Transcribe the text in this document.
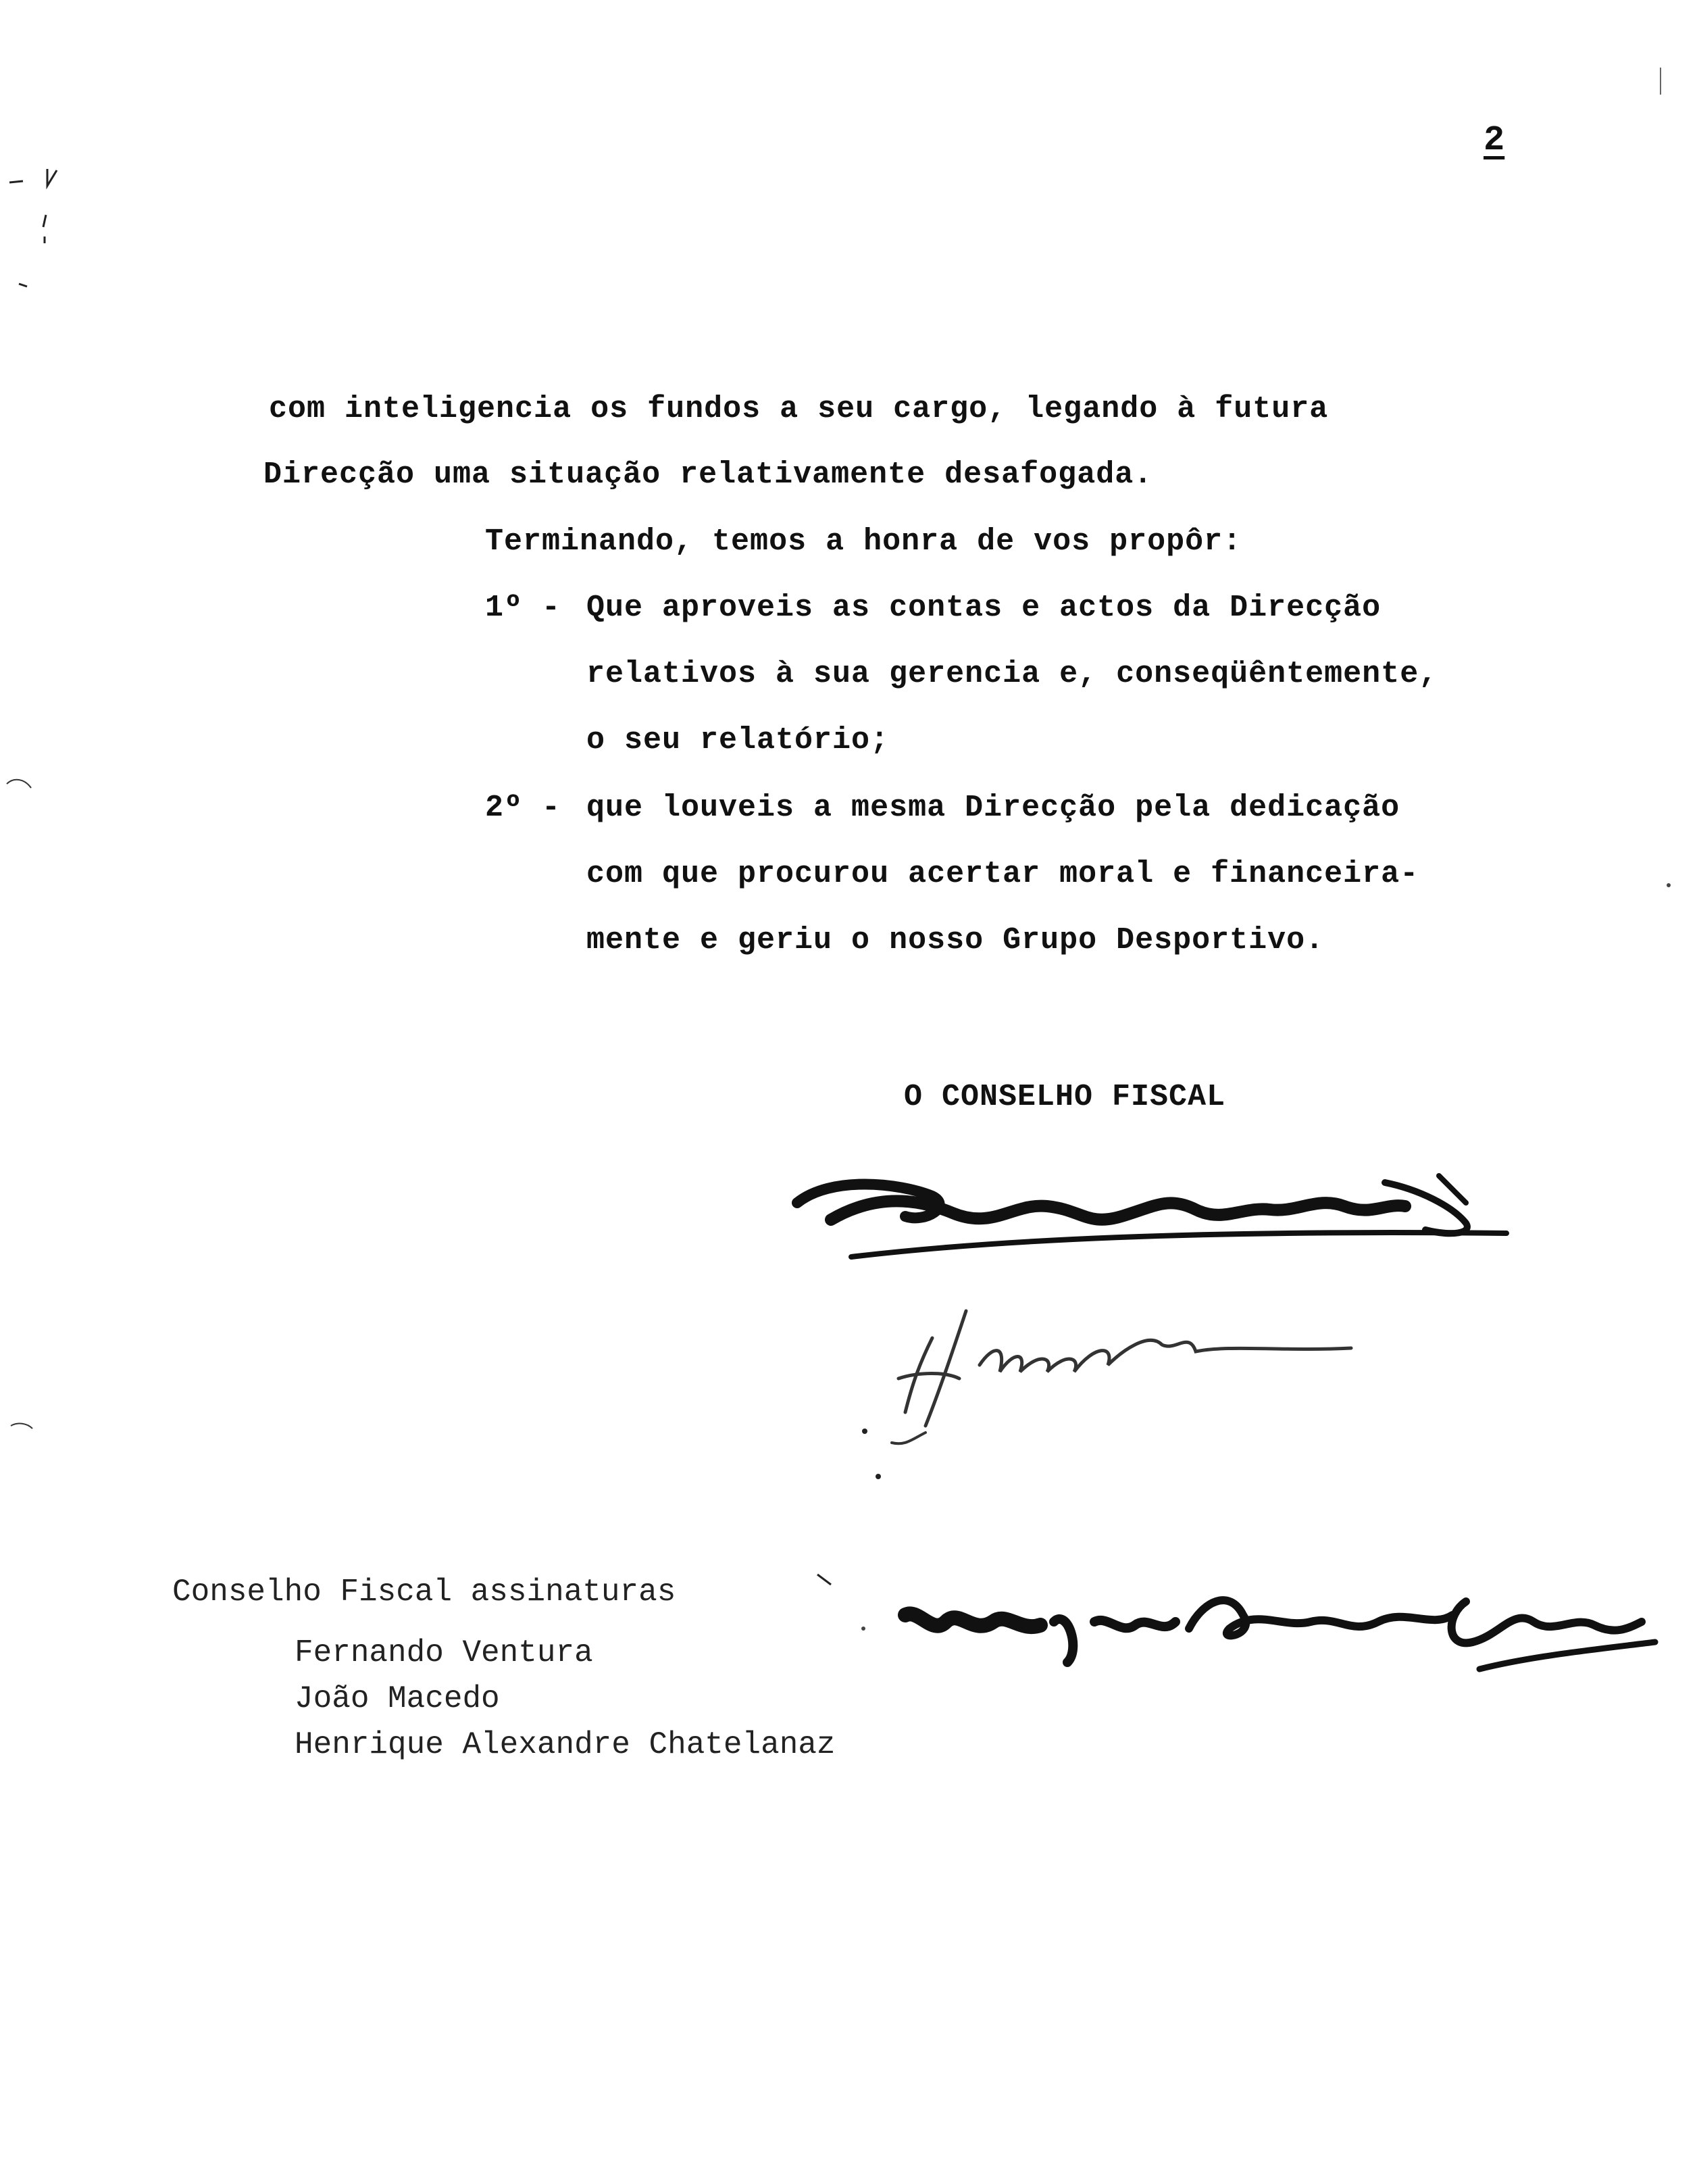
2
com inteligencia os fundos a seu cargo, legando à futura
Direcção uma situação relativamente desafogada.
Terminando, temos a honra de vos propôr:
1º - Que aproveis as contas e actos da Direcção
relativos à sua gerencia e, conseqüêntemente,
o seu relatório;
2º - que louveis a mesma Direcção pela dedicação
com que procurou acertar moral e financeira-
mente e geriu o nosso Grupo Desportivo.
O CONSELHO FISCAL
Conselho Fiscal assinaturas
Fernando Ventura
João Macedo
Henrique Alexandre Chatelanaz
